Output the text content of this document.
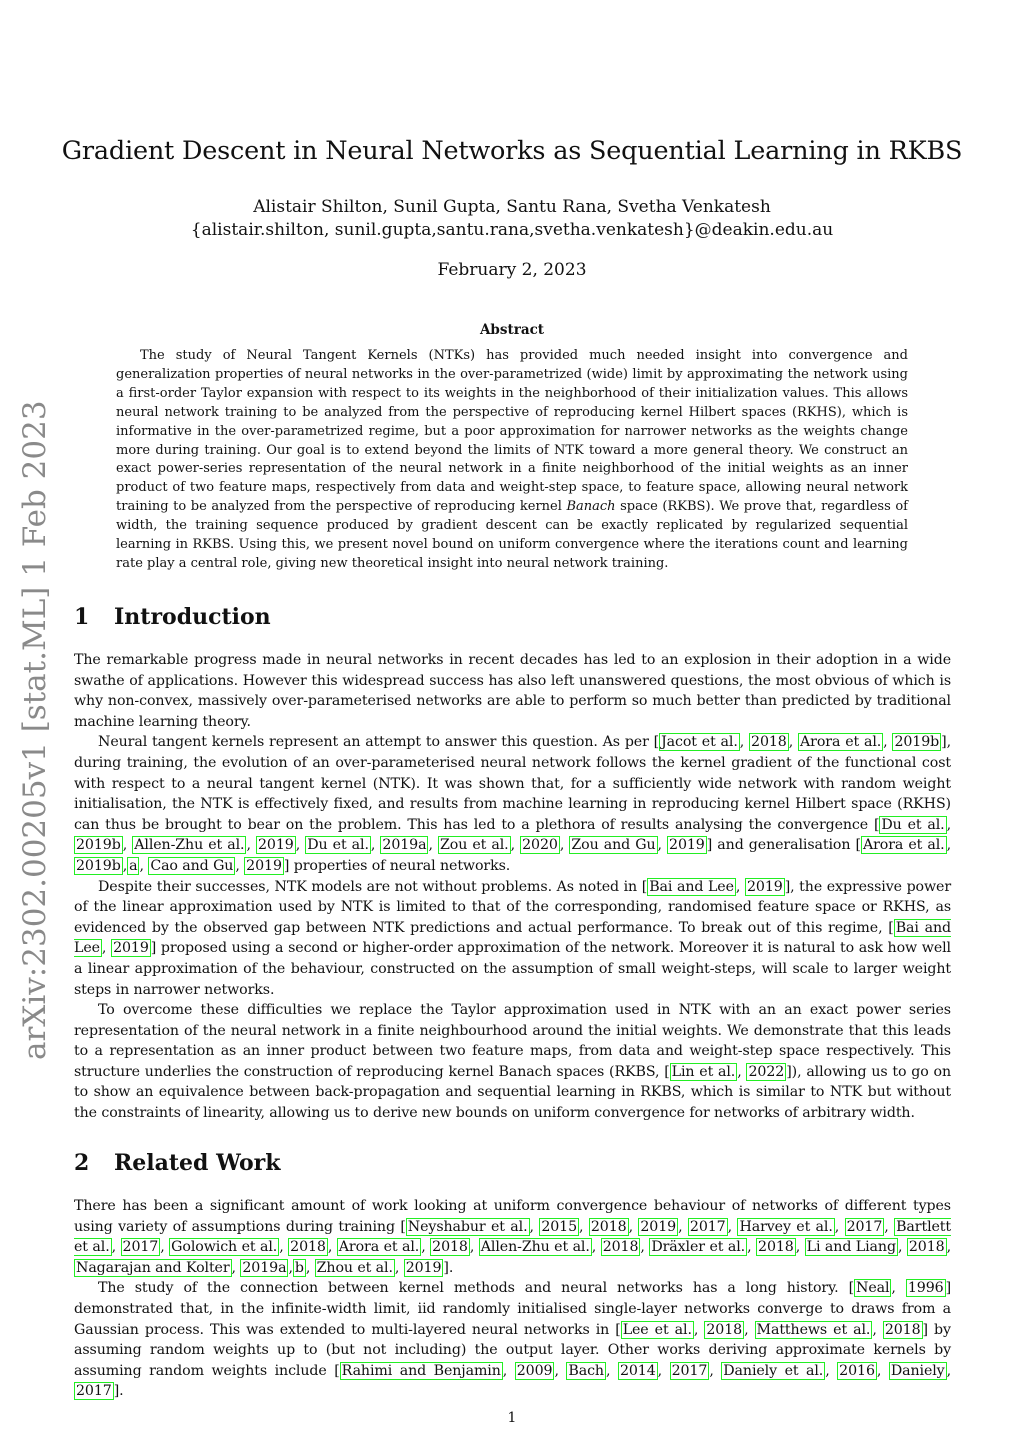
arXiv:2302.00205v1 [stat.ML] 1 Feb 2023
Gradient Descent in Neural Networks as Sequential Learning in RKBS
Alistair Shilton, Sunil Gupta, Santu Rana, Svetha Venkatesh
{alistair.shilton, sunil.gupta,santu.rana,svetha.venkatesh}@deakin.edu.au
February 2, 2023
Abstract

The study of Neural Tangent Kernels (NTKs) has provided much needed insight into convergence and generalization properties of neural networks in the over-parametrized (wide) limit by approximating the network using a first-order Taylor expansion with respect to its weights in the neighborhood of their initialization values. This allows neural network training to be analyzed from the perspective of reproducing kernel Hilbert spaces (RKHS), which is informative in the over-parametrized regime, but a poor approximation for narrower networks as the weights change more during training. Our goal is to extend beyond the limits of NTK toward a more general theory. We construct an exact power-series representation of the neural network in a finite neighborhood of the initial weights as an inner product of two feature maps, respectively from data and weight-step space, to feature space, allowing neural network training to be analyzed from the perspective of reproducing kernel Banach space (RKBS). We prove that, regardless of width, the training sequence produced by gradient descent can be exactly replicated by regularized sequential learning in RKBS. Using this, we present novel bound on uniform convergence where the iterations count and learning rate play a central role, giving new theoretical insight into neural network training.

1 Introduction

The remarkable progress made in neural networks in recent decades has led to an explosion in their adoption in a wide swathe of applications. However this widespread success has also left unanswered questions, the most obvious of which is why non-convex, massively over-parameterised networks are able to perform so much better than predicted by traditional machine learning theory.

Neural tangent kernels represent an attempt to answer this question. As per [ Jacot et al. , 2018 , Arora et al. , 2019b ], during training, the evolution of an over-parameterised neural network follows the kernel gradient of the functional cost with respect to a neural tangent kernel (NTK). It was shown that, for a sufficiently wide network with random weight initialisation, the NTK is effectively fixed, and results from machine learning in reproducing kernel Hilbert space (RKHS) can thus be brought to bear on the problem. This has led to a plethora of results analysing the convergence [ Du et al. , 2019b , Allen-Zhu et al. , 2019 , Du et al. , 2019a , Zou et al. , 2020 , Zou and Gu , 2019 ] and generalisation [ Arora et al. , 2019b , a , Cao and Gu , 2019 ] properties of neural networks.

Despite their successes, NTK models are not without problems. As noted in [ Bai and Lee , 2019 ], the expressive power of the linear approximation used by NTK is limited to that of the corresponding, randomised feature space or RKHS, as evidenced by the observed gap between NTK predictions and actual performance. To break out of this regime, [ Bai and Lee , 2019 ] proposed using a second or higher-order approximation of the network. Moreover it is natural to ask how well a linear approximation of the behaviour, constructed on the assumption of small weight-steps, will scale to larger weight steps in narrower networks.

To overcome these difficulties we replace the Taylor approximation used in NTK with an an exact power series representation of the neural network in a finite neighbourhood around the initial weights. We demonstrate that this leads to a representation as an inner product between two feature maps, from data and weight-step space respectively. This structure underlies the construction of reproducing kernel Banach spaces (RKBS, [ Lin et al. , 2022 ]), allowing us to go on to show an equivalence between back-propagation and sequential learning in RKBS, which is similar to NTK but without the constraints of linearity, allowing us to derive new bounds on uniform convergence for networks of arbitrary width.

2 Related Work

There has been a significant amount of work looking at uniform convergence behaviour of networks of different types using variety of assumptions during training [ Neyshabur et al. , 2015 , 2018 , 2019 , 2017 , Harvey et al. , 2017 , Bartlett et al. , 2017 , Golowich et al. , 2018 , Arora et al. , 2018 , Allen-Zhu et al. , 2018 , Dräxler et al. , 2018 , Li and Liang , 2018 , Nagarajan and Kolter , 2019a , b , Zhou et al. , 2019 ].

The study of the connection between kernel methods and neural networks has a long history. [ Neal , 1996 ] demonstrated that, in the infinite-width limit, iid randomly initialised single-layer networks converge to draws from a Gaussian process. This was extended to multi-layered neural networks in [ Lee et al. , 2018 , Matthews et al. , 2018 ] by assuming random weights up to (but not including) the output layer. Other works deriving approximate kernels by assuming random weights include [ Rahimi and Benjamin , 2009 , Bach , 2014 , 2017 , Daniely et al. , 2016 , Daniely , 2017 ].

1
